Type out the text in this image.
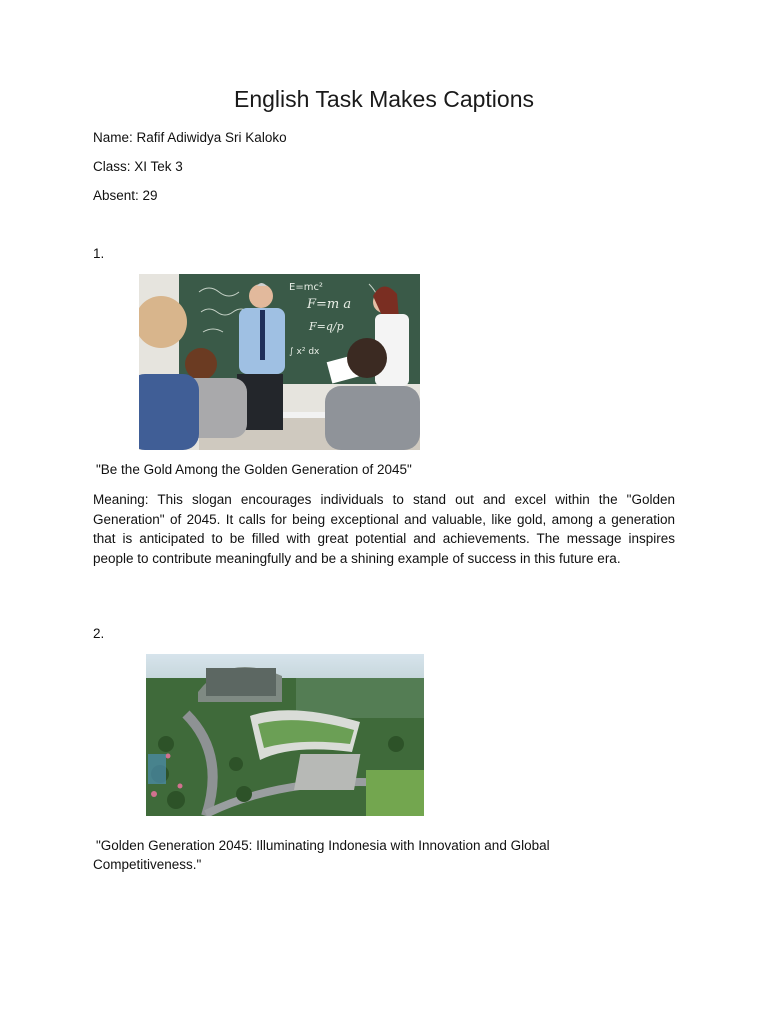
English Task Makes Captions
Name: Rafif Adiwidya Sri Kaloko
Class: XI Tek 3
Absent: 29
1.
E=mc²
F=m a
F=q/p
∫ x² dx
"Be the Gold Among the Golden Generation of 2045"
Meaning: This slogan encourages individuals to stand out and excel within the "Golden Generation" of 2045. It calls for being exceptional and valuable, like gold, among a generation that is anticipated to be filled with great potential and achievements. The message inspires people to contribute meaningfully and be a shining example of success in this future era.
2.
"Golden Generation 2045: Illuminating Indonesia with Innovation and Global
Competitiveness."
